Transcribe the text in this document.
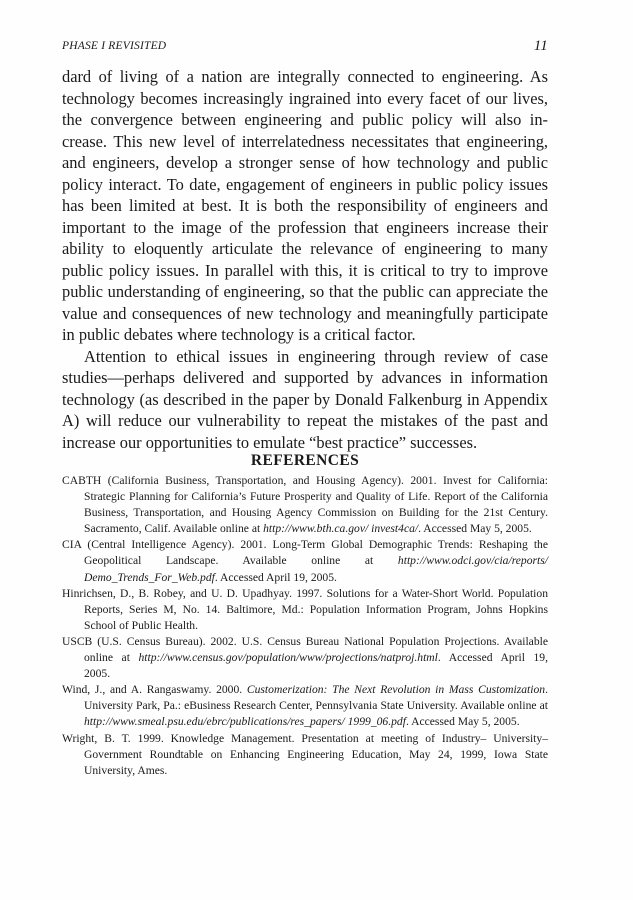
PHASE I REVISITED	11

dard of living of a nation are integrally connected to engineering. As technology becomes increasingly ingrained into every facet of our lives, the convergence between engineering and public policy will also increase. This new level of interrelatedness necessitates that engineering, and engineers, develop a stronger sense of how technology and public policy interact. To date, engagement of engineers in public policy issues has been limited at best. It is both the responsibility of engineers and important to the image of the profession that engineers increase their ability to eloquently articulate the relevance of engineering to many public policy issues. In parallel with this, it is critical to try to improve public understanding of engineering, so that the public can appreciate the value and consequences of new technology and meaningfully participate in public debates where technology is a critical factor.

Attention to ethical issues in engineering through review of case studies—perhaps delivered and supported by advances in information technology (as described in the paper by Donald Falkenburg in Appendix A) will reduce our vulnerability to repeat the mistakes of the past and increase our opportunities to emulate “best practice” successes.

REFERENCES

CABTH (California Business, Transportation, and Housing Agency). 2001. Invest for California: Strategic Planning for California’s Future Prosperity and Quality of Life. Report of the California Business, Transportation, and Housing Agency Commission on Building for the 21st Century. Sacramento, Calif. Available online at http://www.bth.ca.gov/ invest4ca/. Accessed May 5, 2005.

CIA (Central Intelligence Agency). 2001. Long-Term Global Demographic Trends: Reshaping the Geopolitical Landscape. Available online at http://www.odci.gov/cia/reports/ Demo_Trends_For_Web.pdf. Accessed April 19, 2005.

Hinrichsen, D., B. Robey, and U. D. Upadhyay. 1997. Solutions for a Water-Short World. Population Reports, Series M, No. 14. Baltimore, Md.: Population Information Program, Johns Hopkins School of Public Health.

USCB (U.S. Census Bureau). 2002. U.S. Census Bureau National Population Projections. Available online at http://www.census.gov/population/www/projections/natproj.html. Accessed April 19, 2005.

Wind, J., and A. Rangaswamy. 2000. Customerization: The Next Revolution in Mass Customization. University Park, Pa.: eBusiness Research Center, Pennsylvania State University. Available online at http://www.smeal.psu.edu/ebrc/publications/res_papers/ 1999_06.pdf. Accessed May 5, 2005.

Wright, B. T. 1999. Knowledge Management. Presentation at meeting of Industry– University–Government Roundtable on Enhancing Engineering Education, May 24, 1999, Iowa State University, Ames.
